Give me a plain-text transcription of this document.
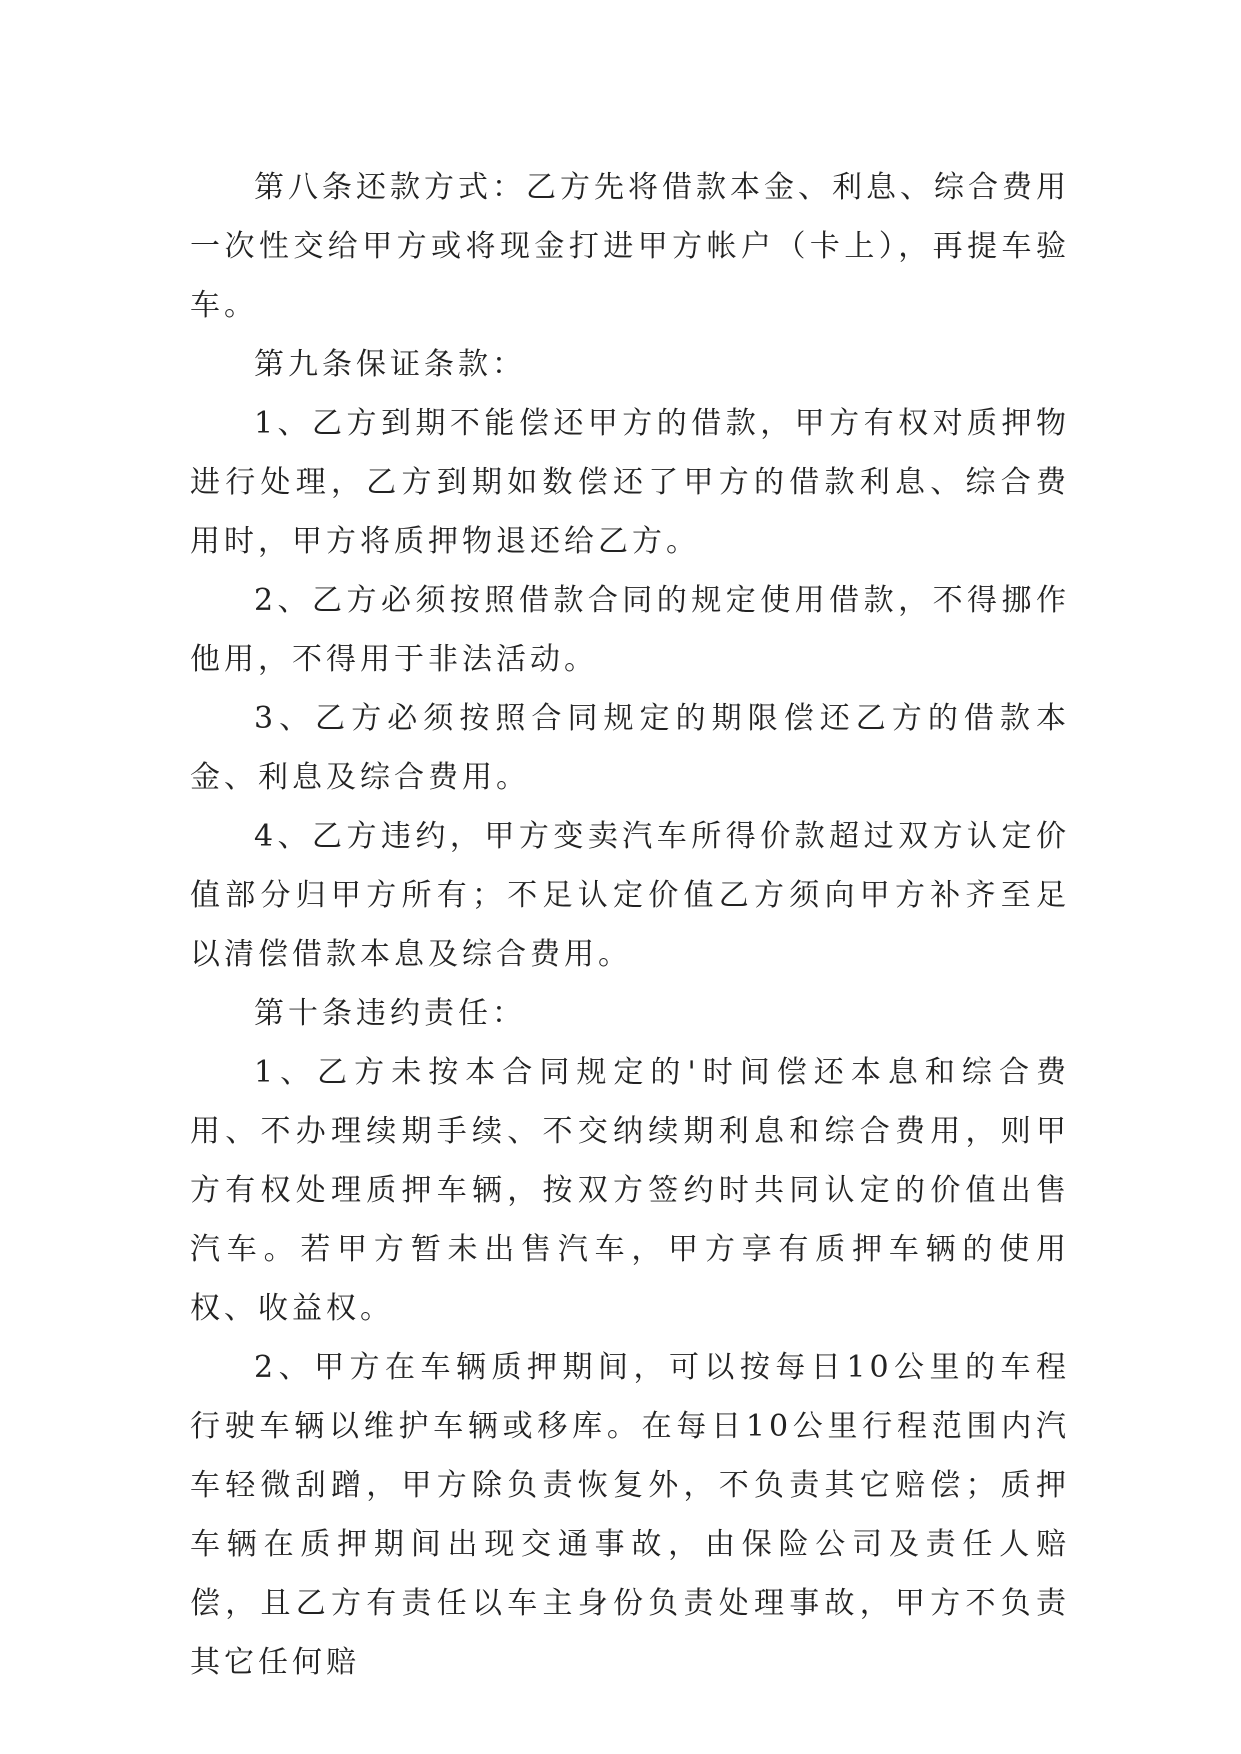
第八条还款方式：乙方先将借款本金、利息、综合费用一次性交给甲方或将现金打进甲方帐户（卡上），再提车验车。

第九条保证条款：

1、乙方到期不能偿还甲方的借款，甲方有权对质押物进行处理，乙方到期如数偿还了甲方的借款利息、综合费用时，甲方将质押物退还给乙方。

2、乙方必须按照借款合同的规定使用借款，不得挪作他用，不得用于非法活动。

3、乙方必须按照合同规定的期限偿还乙方的借款本金、利息及综合费用。

4、乙方违约，甲方变卖汽车所得价款超过双方认定价值部分归甲方所有；不足认定价值乙方须向甲方补齐至足以清偿借款本息及综合费用。

第十条违约责任：

1、乙方未按本合同规定的'时间偿还本息和综合费用、不办理续期手续、不交纳续期利息和综合费用，则甲方有权处理质押车辆，按双方签约时共同认定的价值出售汽车。若甲方暂未出售汽车，甲方享有质押车辆的使用权、收益权。

2、甲方在车辆质押期间，可以按每日10公里的车程行驶车辆以维护车辆或移库。在每日10公里行程范围内汽车轻微刮蹭，甲方除负责恢复外，不负责其它赔偿；质押车辆在质押期间出现交通事故，由保险公司及责任人赔偿，且乙方有责任以车主身份负责处理事故，甲方不负责其它任何赔
